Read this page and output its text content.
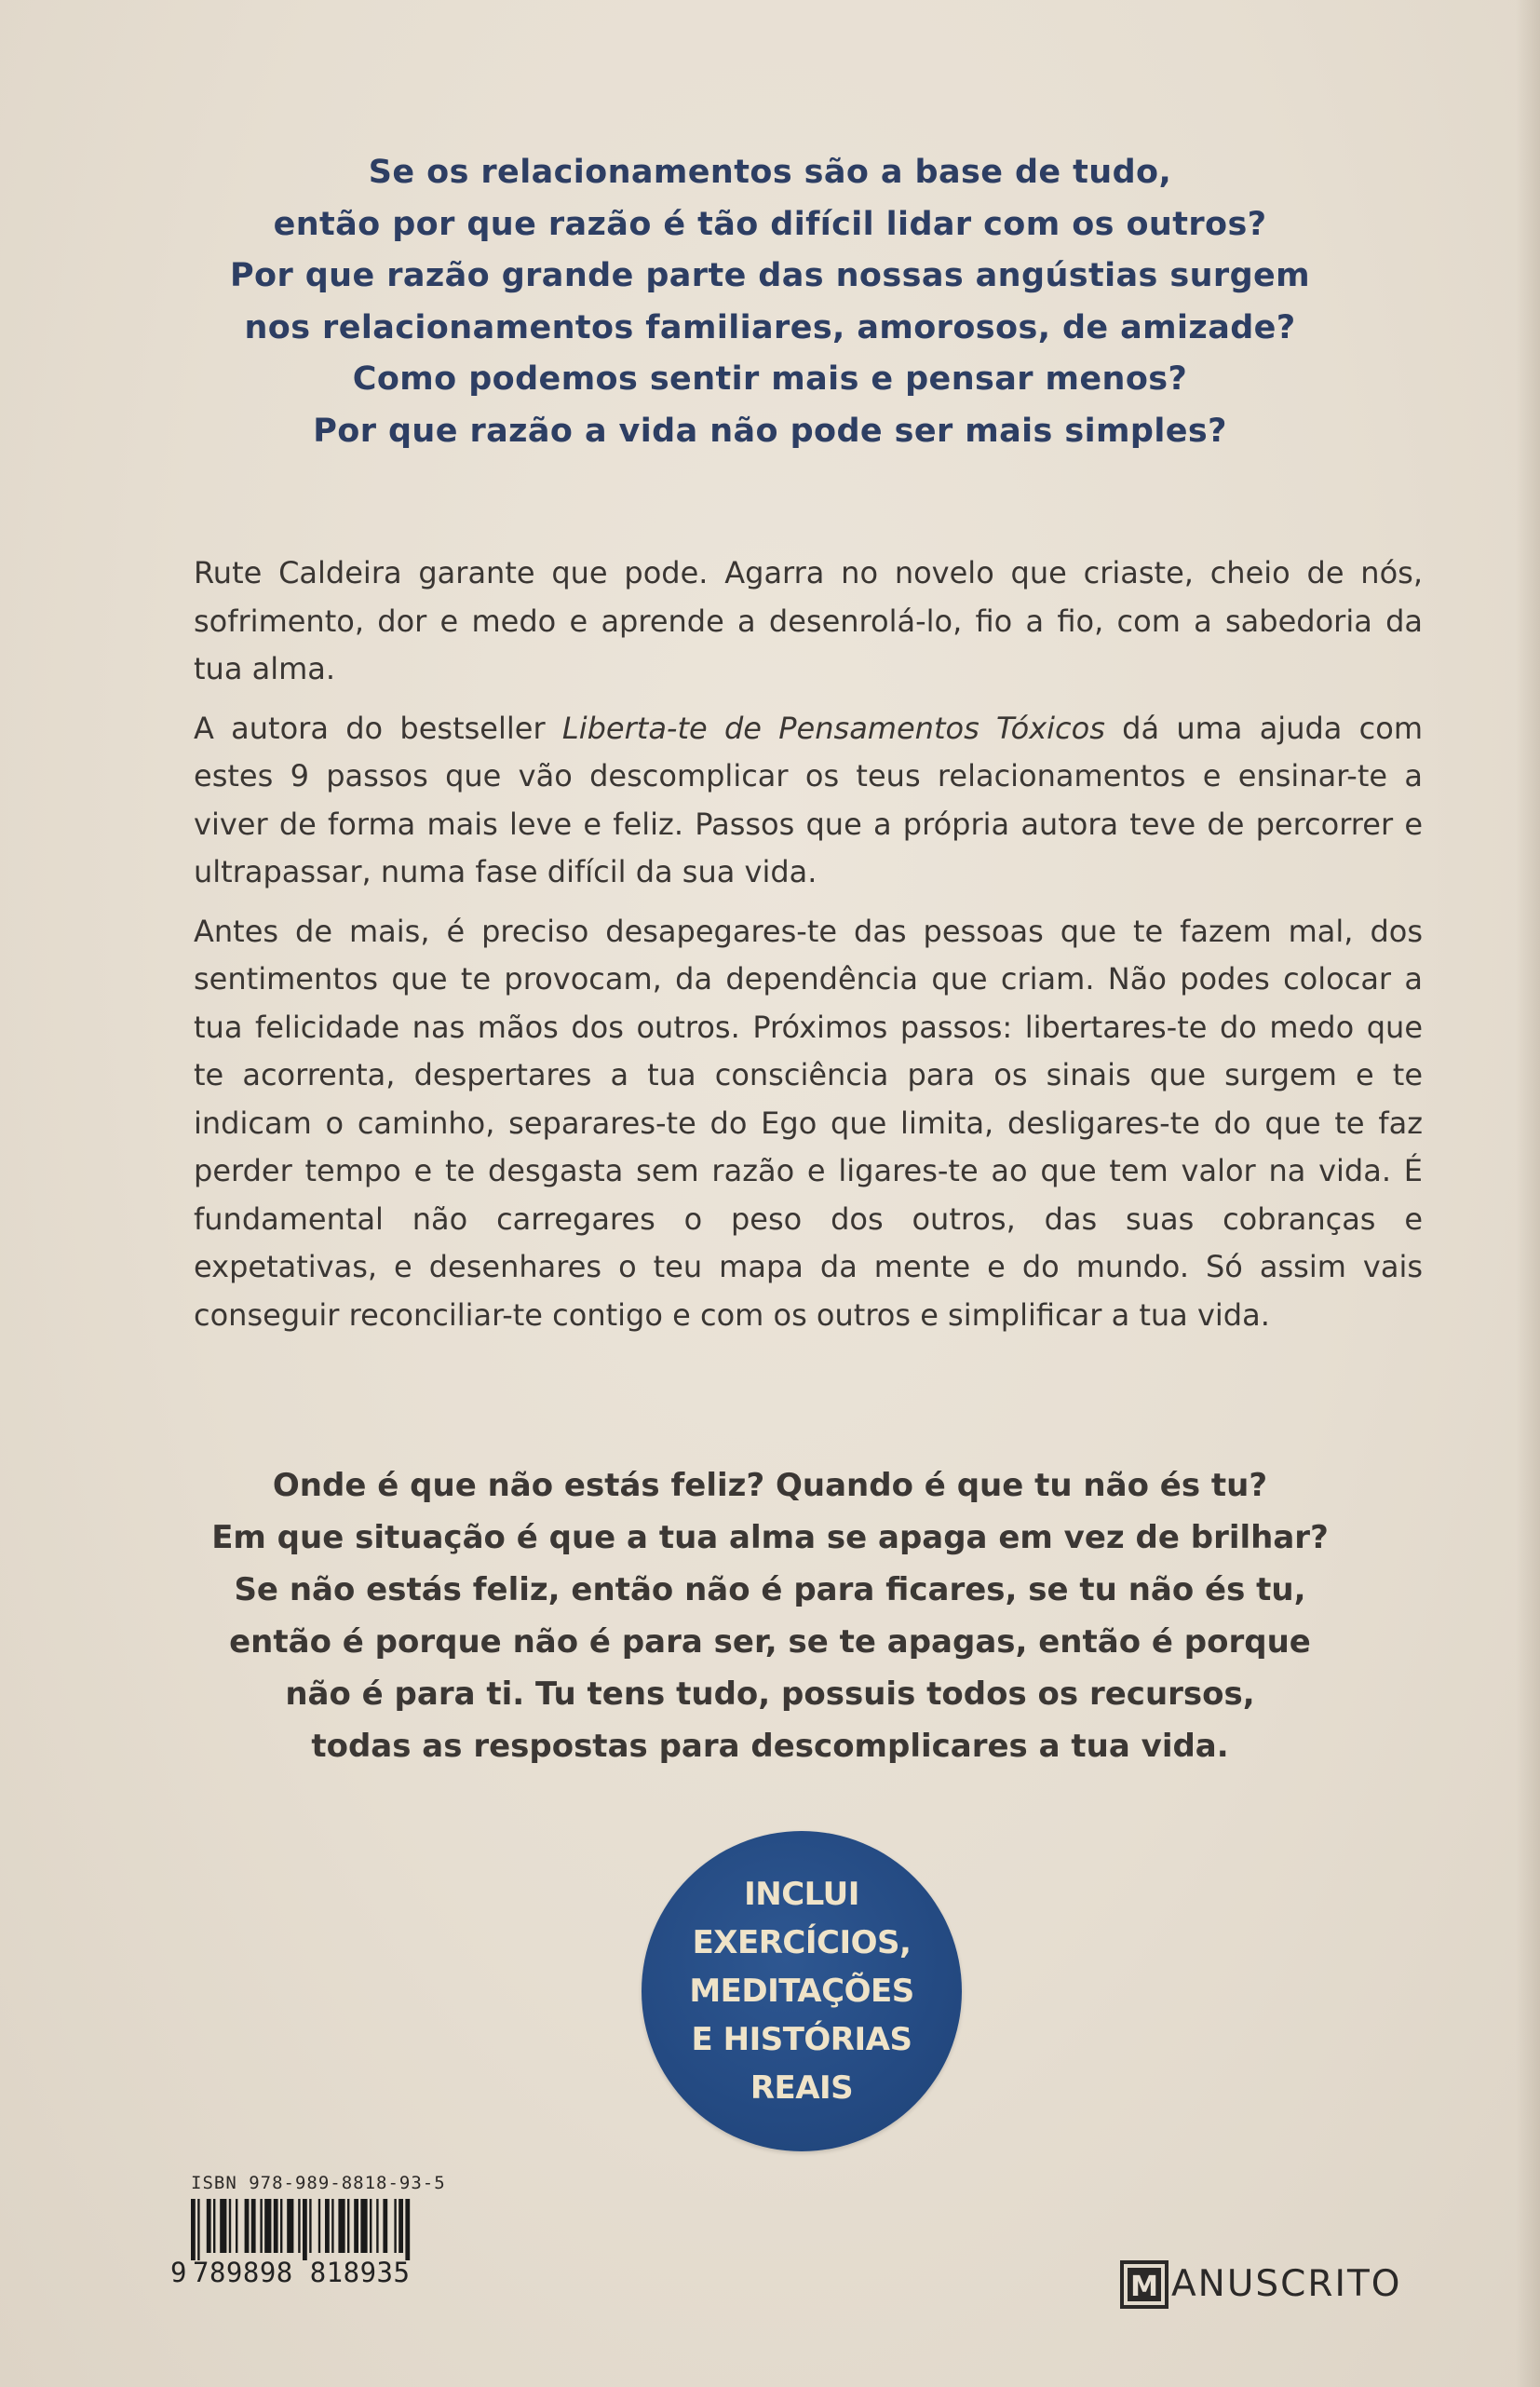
Se os relacionamentos são a base de tudo,
então por que razão é tão difícil lidar com os outros?
Por que razão grande parte das nossas angústias surgem
nos relacionamentos familiares, amorosos, de amizade?
Como podemos sentir mais e pensar menos?
Por que razão a vida não pode ser mais simples?

Rute Caldeira garante que pode. Agarra no novelo que criaste, cheio de nós, sofrimento, dor e medo e aprende a desenrolá-lo, fio a fio, com a sabedoria da tua alma.

A autora do bestseller Liberta-te de Pensamentos Tóxicos dá uma ajuda com estes 9 passos que vão descomplicar os teus relacionamentos e ensinar-te a viver de forma mais leve e feliz. Passos que a própria autora teve de percorrer e ultrapassar, numa fase difícil da sua vida.

Antes de mais, é preciso desapegares-te das pessoas que te fazem mal, dos sentimentos que te provocam, da dependência que criam. Não podes colocar a tua felicidade nas mãos dos outros. Próximos passos: libertares-te do medo que te acorrenta, despertares a tua consciência para os sinais que surgem e te indicam o caminho, separares-te do Ego que limita, desligares-te do que te faz perder tempo e te desgasta sem razão e ligares-te ao que tem valor na vida. É fundamental não carregares o peso dos outros, das suas cobranças e expetativas, e desenhares o teu mapa da mente e do mundo. Só assim vais conseguir reconciliar-te contigo e com os outros e simplificar a tua vida.

Onde é que não estás feliz? Quando é que tu não és tu?
Em que situação é que a tua alma se apaga em vez de brilhar?
Se não estás feliz, então não é para ficares, se tu não és tu,
então é porque não é para ser, se te apagas, então é porque
não é para ti. Tu tens tudo, possuis todos os recursos,
todas as respostas para descomplicares a tua vida.
INCLUI
EXERCÍCIOS,
MEDITAÇÕES
E HISTÓRIAS
REAIS
ISBN 978-989-8818-93-5
9 789898 818935	M ANUSCRITO
